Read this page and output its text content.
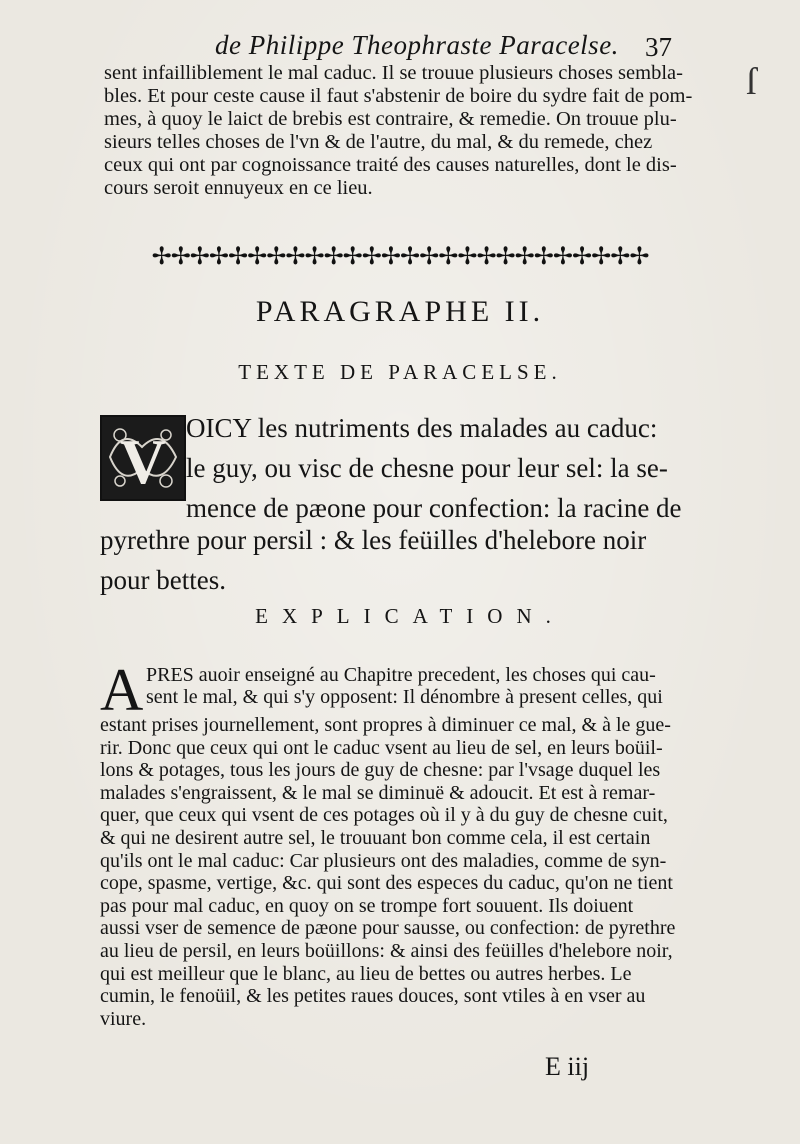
de Philippe Theophraste Paracelse. 37
ſ
sent infailliblement le mal caduc. Il se trouue plusieurs choses sembla-
bles. Et pour ceste cause il faut s'abstenir de boire du sydre fait de pom-
mes, à quoy le laict de brebis est contraire, & remedie. On trouue plu-
sieurs telles choses de l'vn & de l'autre, du mal, & du remede, chez
ceux qui ont par cognoissance traité des causes naturelles, dont le dis-
cours seroit ennuyeux en ce lieu.
✢✢✢✢✢✢✢✢✢✢✢✢✢✢✢✢✢✢✢✢✢✢✢✢✢✢
PARAGRAPHE II.
TEXTE DE PARACELSE.
V OICY les nutriments des malades au caduc:
le guy, ou visc de chesne pour leur sel: la se-
mence de pæone pour confection: la racine de
pyrethre pour persil : & les feüilles d'helebore noir
pour bettes.
EXPLICATION.
A PRES auoir enseigné au Chapitre precedent, les choses qui cau-
sent le mal, & qui s'y opposent: Il dénombre à present celles, qui
estant prises journellement, sont propres à diminuer ce mal, & à le gue-
rir. Donc que ceux qui ont le caduc vsent au lieu de sel, en leurs boüil-
lons & potages, tous les jours de guy de chesne: par l'vsage duquel les
malades s'engraissent, & le mal se diminuë & adoucit. Et est à remar-
quer, que ceux qui vsent de ces potages où il y à du guy de chesne cuit,
& qui ne desirent autre sel, le trouuant bon comme cela, il est certain
qu'ils ont le mal caduc: Car plusieurs ont des maladies, comme de syn-
cope, spasme, vertige, &c. qui sont des especes du caduc, qu'on ne tient
pas pour mal caduc, en quoy on se trompe fort souuent. Ils doiuent
aussi vser de semence de pæone pour sausse, ou confection: de pyrethre
au lieu de persil, en leurs boüillons: & ainsi des feüilles d'helebore noir,
qui est meilleur que le blanc, au lieu de bettes ou autres herbes. Le
cumin, le fenoüil, & les petites raues douces, sont vtiles à en vser au
viure.
E iij
